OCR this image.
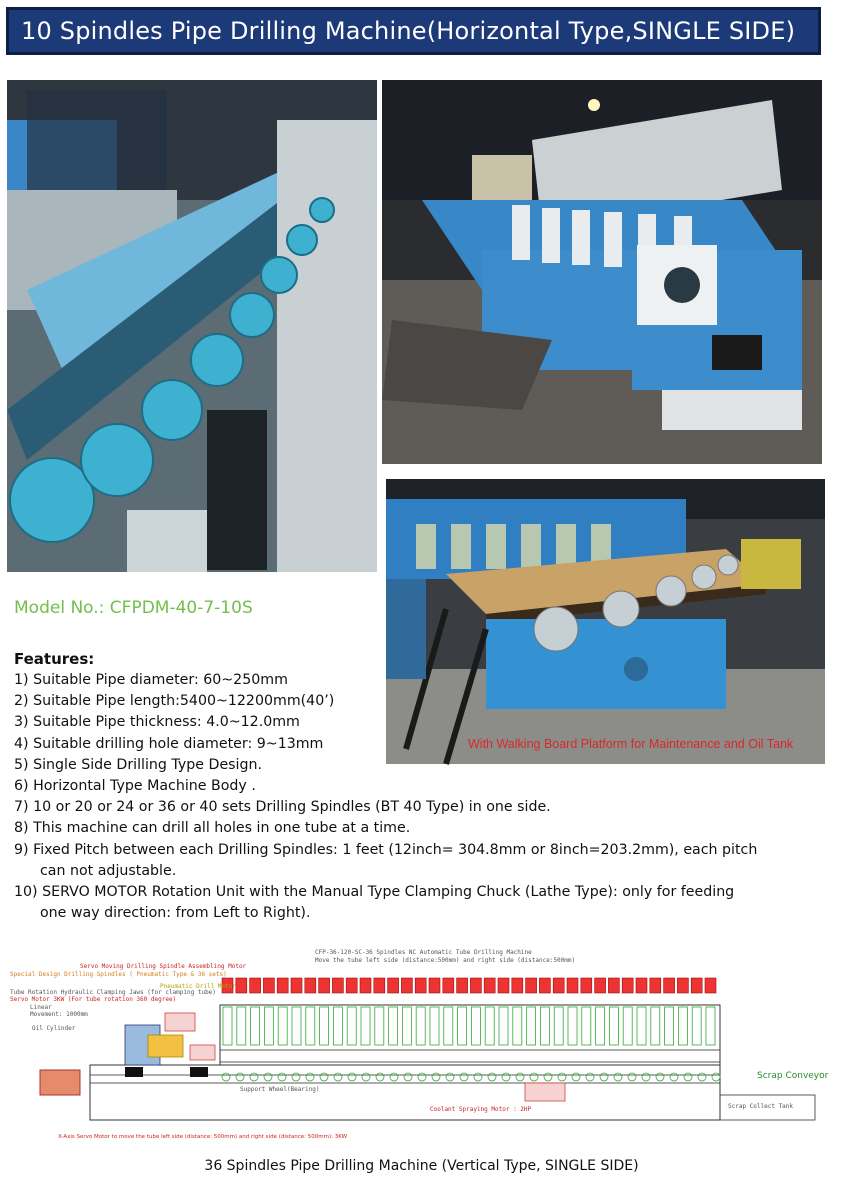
10 Spindles Pipe Drilling Machine(Horizontal Type,SINGLE SIDE)
With Walking Board Platform for Maintenance and Oil Tank
Model No.: CFPDM-40-7-10S
Features:
1) Suitable Pipe diameter: 60~250mm
2) Suitable Pipe length:5400~12200mm(40’)
3) Suitable Pipe thickness: 4.0~12.0mm
4) Suitable drilling hole diameter: 9~13mm
5) Single Side Drilling Type Design.
6) Horizontal Type Machine Body .
7) 10 or 20 or 24 or 36 or 40 sets Drilling Spindles (BT 40 Type) in one side.
8) This machine can drill all holes in one tube at a time.
9) Fixed Pitch between each Drilling Spindles: 1 feet (12inch= 304.8mm or 8inch=203.2mm), each pitch
can not adjustable.
10) SERVO MOTOR Rotation Unit with the Manual Type Clamping Chuck (Lathe Type): only for feeding
one way direction: from Left to Right).
CFP-36-120-SC-36 Spindles NC Automatic Tube Drilling Machine
Move the tube left side (distance:500mm) and right side (distance:500mm)
Servo Moving Drilling Spindle Assembling Motor
Special Design Drilling Spindles ( Pneumatic Type & 36 sets)
Pneumatic Drill Motor
Tube Rotation Hydraulic Clamping Jaws (for clamping tube)
Servo Motor 3KW (For tube rotation 360 degree)
Linear
Movement: 1000mm
Oil Cylinder
Support Wheel(Bearing)
Coolant Spraying Motor : 2HP
Scrap Conveyor
Scrap Collect Tank
X-Axis Servo Motor to move the tube left side (distance: 500mm) and right side (distance: 500mm): 3KW
36 Spindles Pipe Drilling Machine (Vertical Type, SINGLE SIDE)
